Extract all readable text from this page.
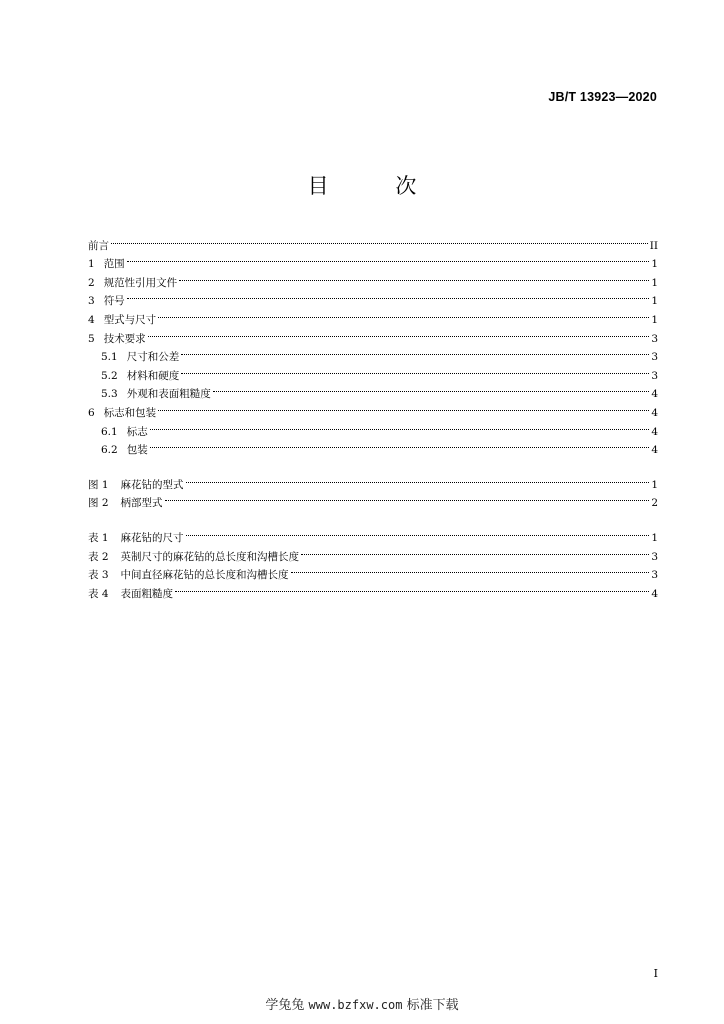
JB/T 13923—2020
目 次
前言	II
1 范围	1
2 规范性引用文件	1
3 符号	1
4 型式与尺寸	1
5 技术要求	3
5.1 尺寸和公差	3
5.2 材料和硬度	3
5.3 外观和表面粗糙度	4
6 标志和包装	4
6.1 标志	4
6.2 包装	4
图 1 麻花钻的型式	1
图 2 柄部型式	2
表 1 麻花钻的尺寸	1
表 2 英制尺寸的麻花钻的总长度和沟槽长度	3
表 3 中间直径麻花钻的总长度和沟槽长度	3
表 4 表面粗糙度	4
I
学兔兔 www.bzfxw.com 标准下载
